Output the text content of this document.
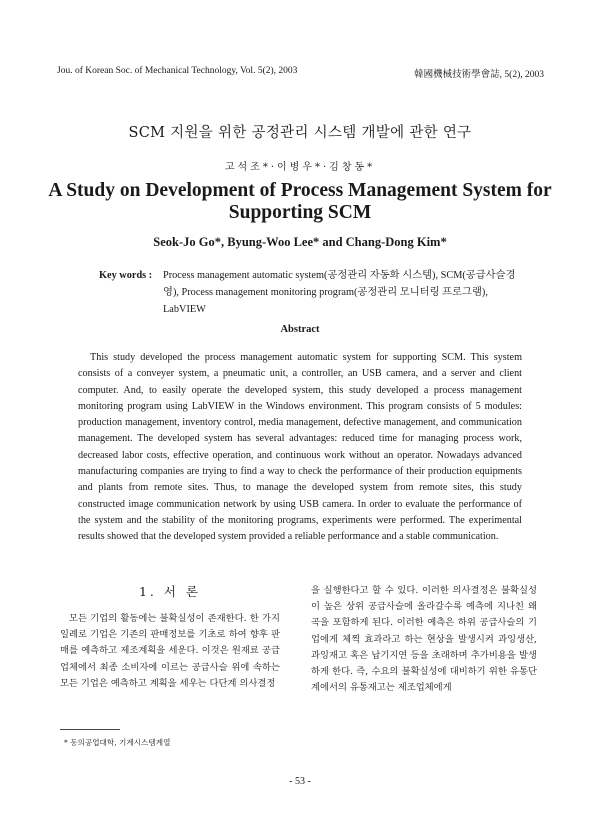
Jou. of Korean Soc. of Mechanical Technology, Vol. 5(2), 2003	韓國機械技術學會誌, 5(2), 2003
SCM 지원을 위한 공정관리 시스템 개발에 관한 연구
고석조*·이병우*·김창동*
A Study on Development of Process Management System for Supporting SCM
Seok-Jo Go*, Byung-Woo Lee* and Chang-Dong Kim*
Key words : Process management automatic system(공정관리 자동화 시스템), SCM(공급사슬경영), Process management monitoring program(공정관리 모니터링 프로그램), LabVIEW
Abstract

This study developed the process management automatic system for supporting SCM. This system consists of a conveyer system, a pneumatic unit, a controller, an USB camera, and a server and client computer. And, to easily operate the developed system, this study developed a process management monitoring program using LabVIEW in the Windows environment. This program consists of 5 modules: production management, inventory control, media management, defective management, and communication management. The developed system has several advantages: reduced time for managing process work, decreased labor costs, effective operation, and continuous work without an operator. Nowadays advanced manufacturing companies are trying to find a way to check the performance of their production equipments and plants from remote sites. Thus, to manage the developed system from remote sites, this study constructed image communication network by using USB camera. In order to evaluate the performance of the system and the stability of the monitoring programs, experiments were performed. The experimental results showed that the developed system provided a reliable performance and a stable communication.

1. 서 론

모든 기업의 활동에는 불확실성이 존재한다. 한 가지 일례로 기업은 기존의 판매정보를 기초로 하여 향후 판매를 예측하고 제조계획을 세운다. 이것은 원재료 공급업체에서 최종 소비자에 이르는 공급사슬 위에 속하는 모든 기업은 예측하고 계획을 세우는 다단계 의사결정

을 실행한다고 할 수 있다. 이러한 의사결정은 불확실성이 높은 상위 공급사슬에 올라갈수록 예측에 지나친 왜곡을 포함하게 된다. 이러한 예측은 하위 공급사슬의 기업에게 체찍 효과라고 하는 현상을 발생시켜 과잉생산, 과잉재고 혹은 납기지연 등을 초래하며 추가비용을 발생하게 한다. 즉, 수요의 불확실성에 대비하기 위한 유통단계에서의 유통재고는 제조업체에게

* 동의공업대학, 기계시스템계열
- 53 -
